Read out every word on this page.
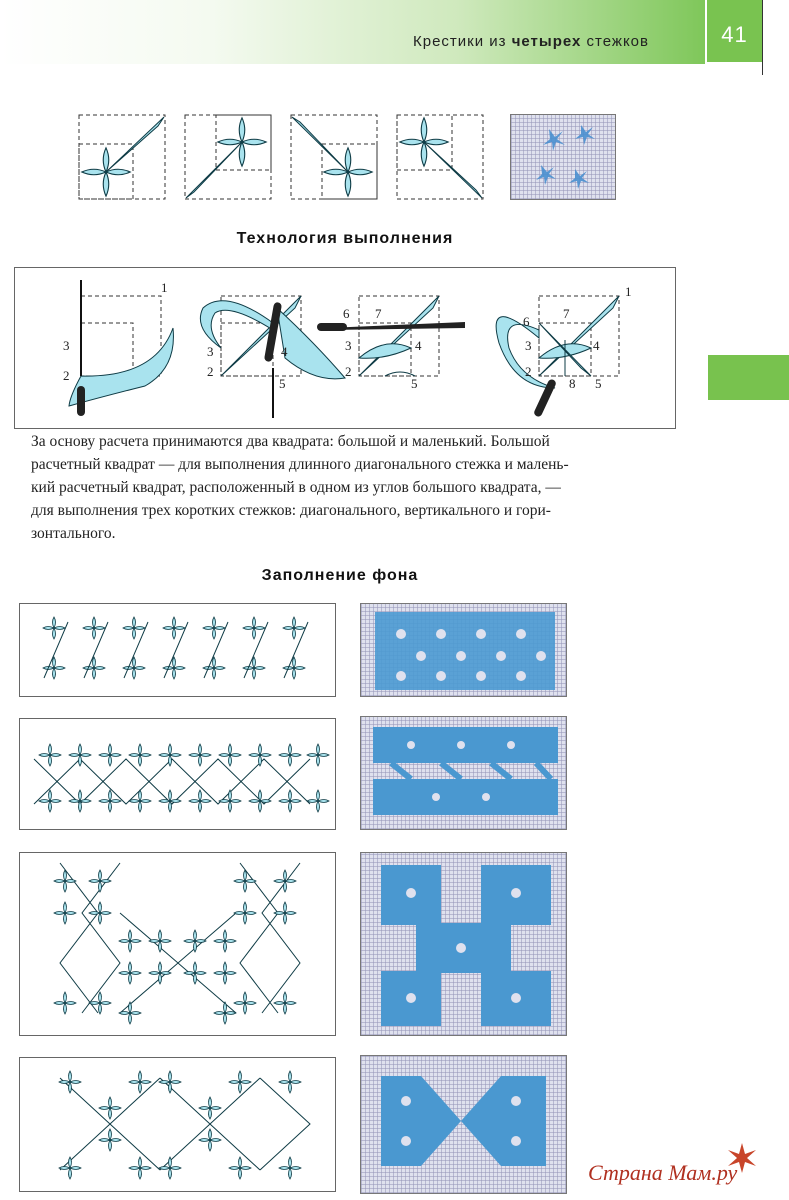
Крестики из четырех стежков	41
Технология выполнения
1
3
2
3	4
2
5
6 7
3	4
2
5
1
6
7
3	4
2
8 5
За основу расчета принимаются два квадрата: большой и маленький. Большой
расчетный квадрат — для выполнения длинного диагонального стежка и малень-
кий расчетный квадрат, расположенный в одном из углов большого квадрата, —
для выполнения трех коротких стежков: диагонального, вертикального и гори-
зонтального.
Заполнение фона
Страна Мам.ру
